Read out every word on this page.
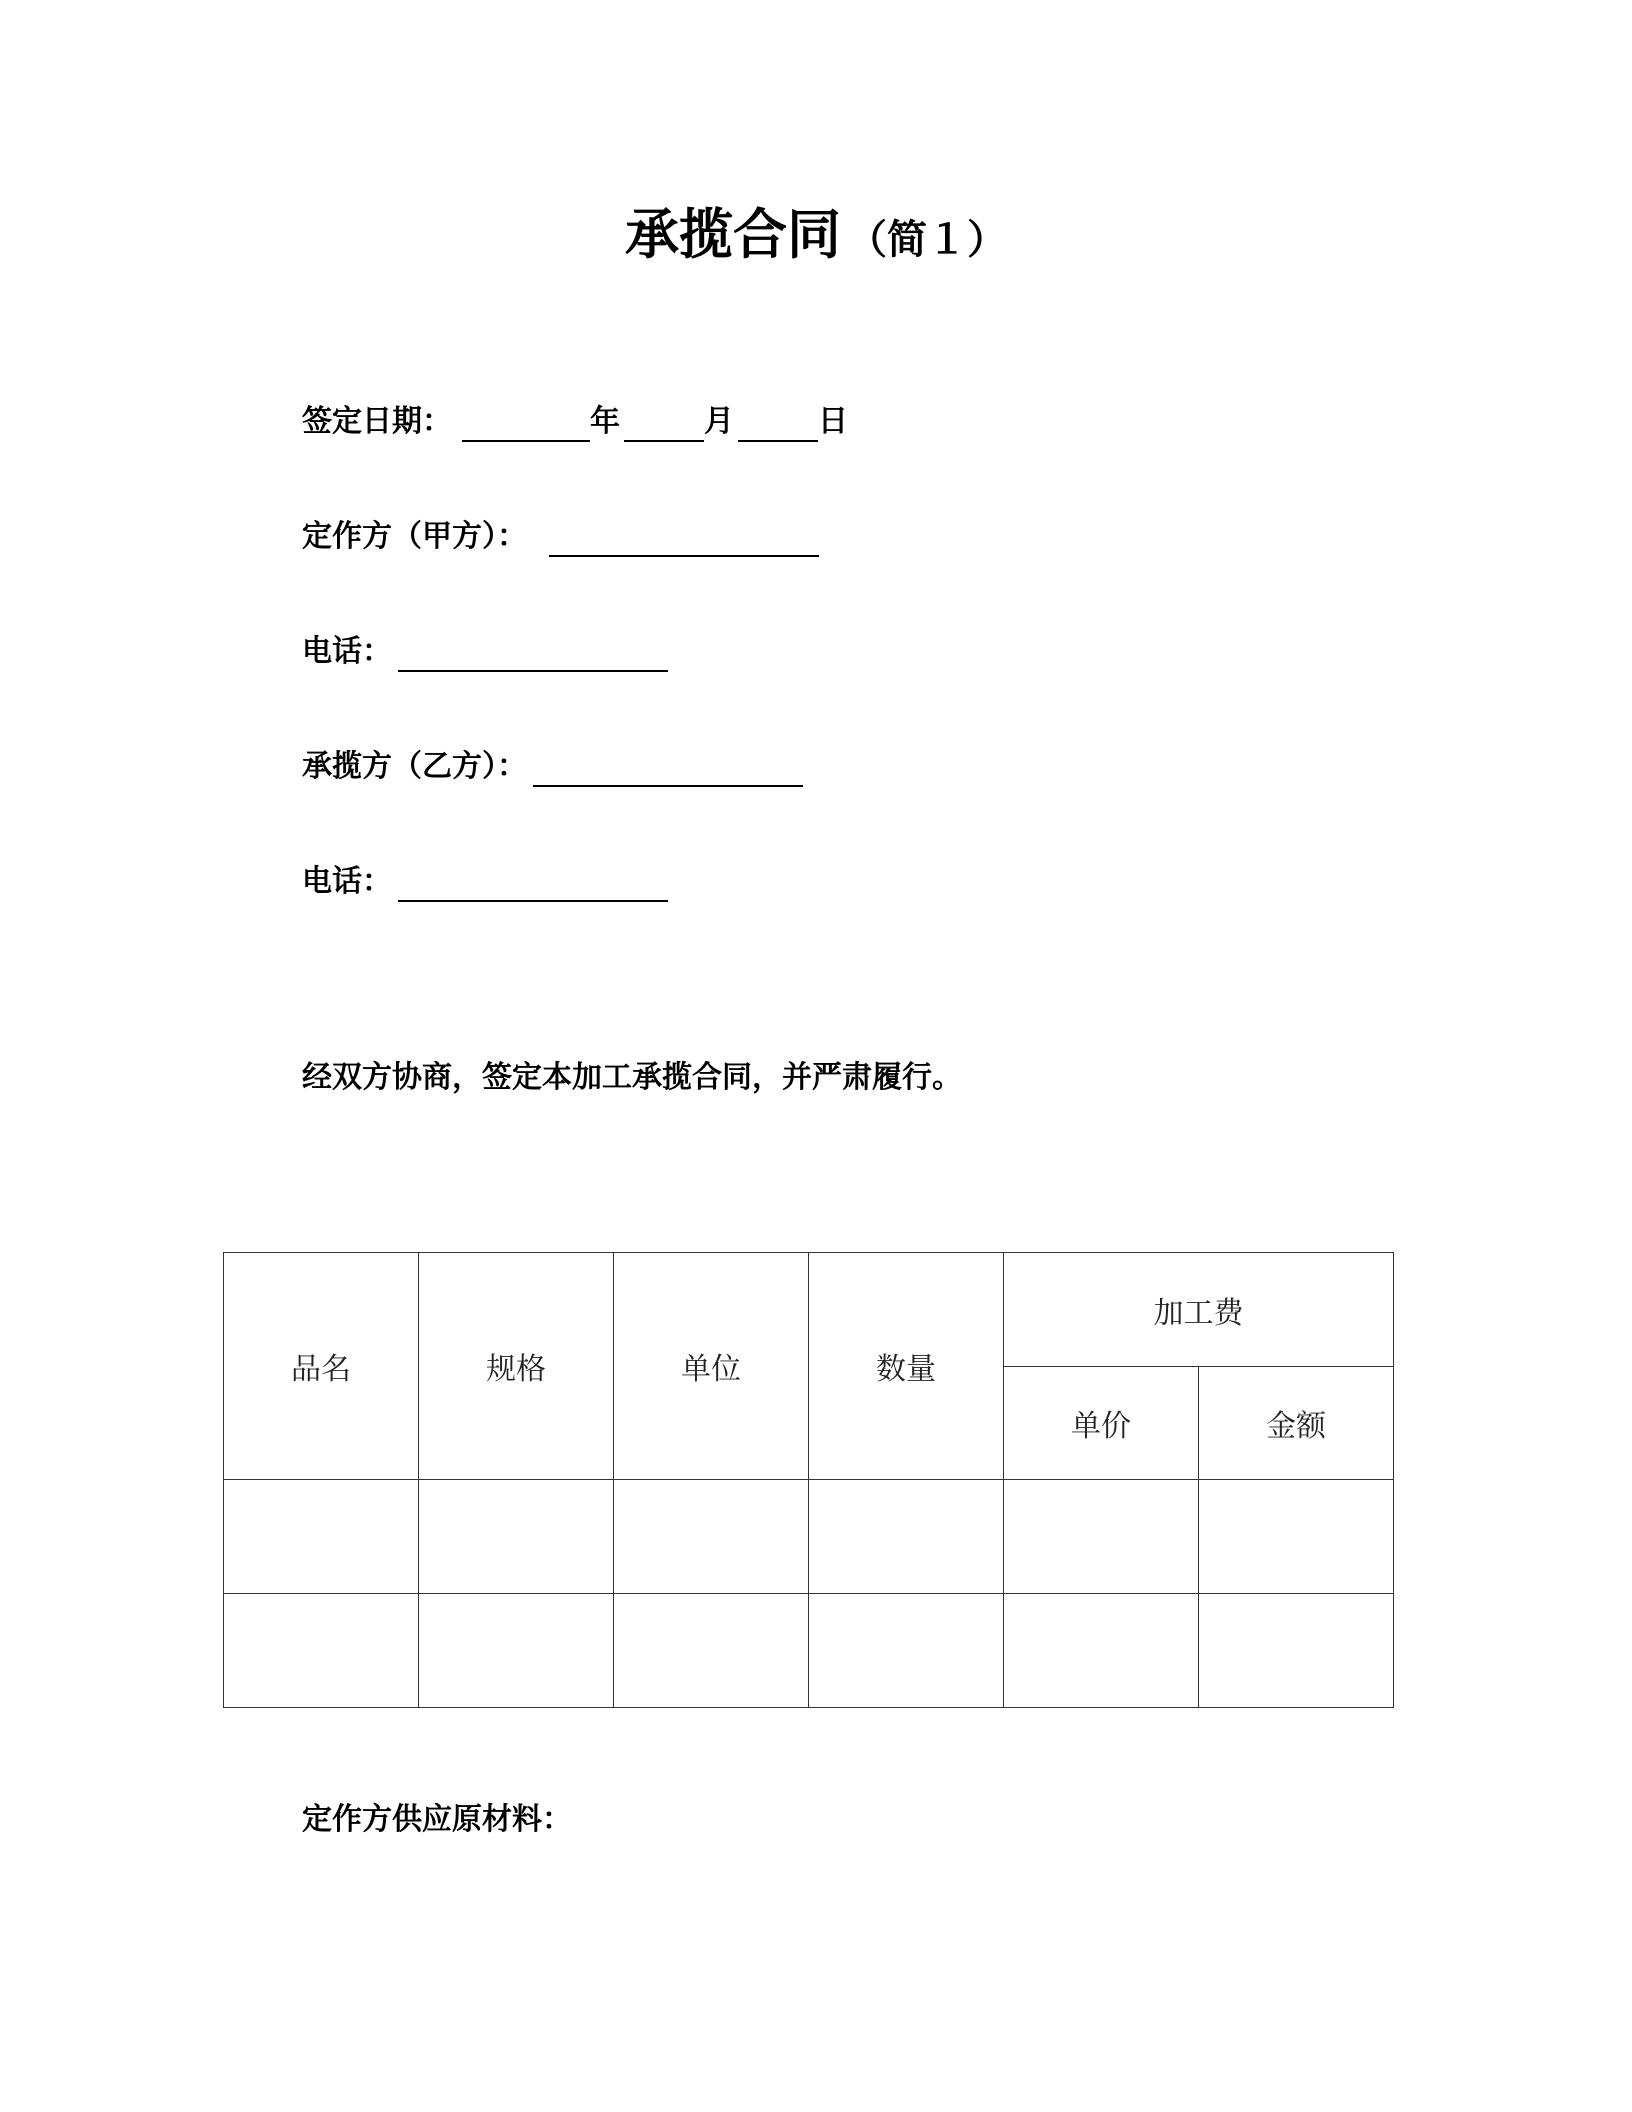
承揽合同 （简１）
签定日期：	年	月	日
定作方（甲方）：
电话：
承揽方（乙方）：
电话：
经双方协商，签定本加工承揽合同，并严肃履行。
品名	规格	单位	数量	加工费	
				单价	金额

定作方供应原材料：
